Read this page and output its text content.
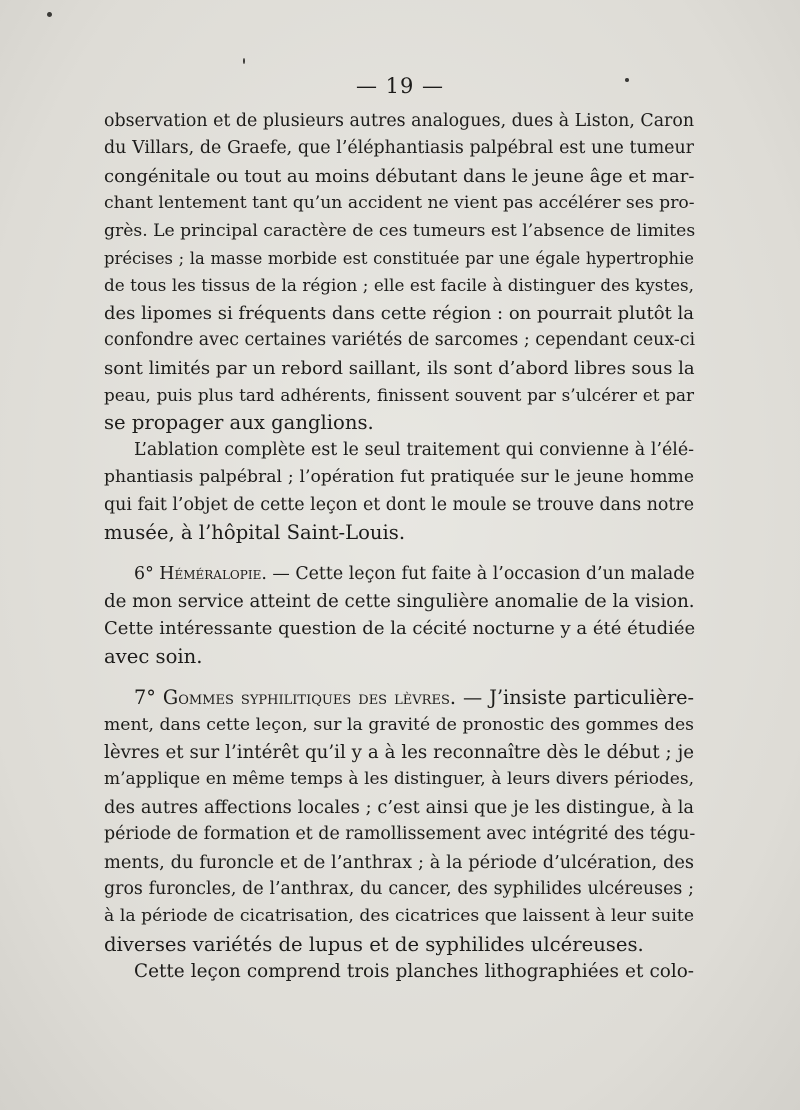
— 19 —
observation et de plusieurs autres analogues, dues à Liston, Caron
du Villars, de Graefe, que l’éléphantiasis palpébral est une tumeur
congénitale ou tout au moins débutant dans le jeune âge et mar-
chant lentement tant qu’un accident ne vient pas accélérer ses pro-
grès. Le principal caractère de ces tumeurs est l’absence de limites
précises ; la masse morbide est constituée par une égale hypertrophie
de tous les tissus de la région ; elle est facile à distinguer des kystes,
des lipomes si fréquents dans cette région : on pourrait plutôt la
confondre avec certaines variétés de sarcomes ; cependant ceux-ci
sont limités par un rebord saillant, ils sont d’abord libres sous la
peau, puis plus tard adhérents, finissent souvent par s’ulcérer et par
se propager aux ganglions.
L’ablation complète est le seul traitement qui convienne à l’élé-
phantiasis palpébral ; l’opération fut pratiquée sur le jeune homme
qui fait l’objet de cette leçon et dont le moule se trouve dans notre
musée, à l’hôpital Saint-Louis.
6° Héméralopie. — Cette leçon fut faite à l’occasion d’un malade
de mon service atteint de cette singulière anomalie de la vision.
Cette intéressante question de la cécité nocturne y a été étudiée
avec soin.
7° Gommes syphilitiques des lèvres. — J’insiste particulière-
ment, dans cette leçon, sur la gravité de pronostic des gommes des
lèvres et sur l’intérêt qu’il y a à les reconnaître dès le début ; je
m’applique en même temps à les distinguer, à leurs divers périodes,
des autres affections locales ; c’est ainsi que je les distingue, à la
période de formation et de ramollissement avec intégrité des tégu-
ments, du furoncle et de l’anthrax ; à la période d’ulcération, des
gros furoncles, de l’anthrax, du cancer, des syphilides ulcéreuses ;
à la période de cicatrisation, des cicatrices que laissent à leur suite
diverses variétés de lupus et de syphilides ulcéreuses.
Cette leçon comprend trois planches lithographiées et colo-
